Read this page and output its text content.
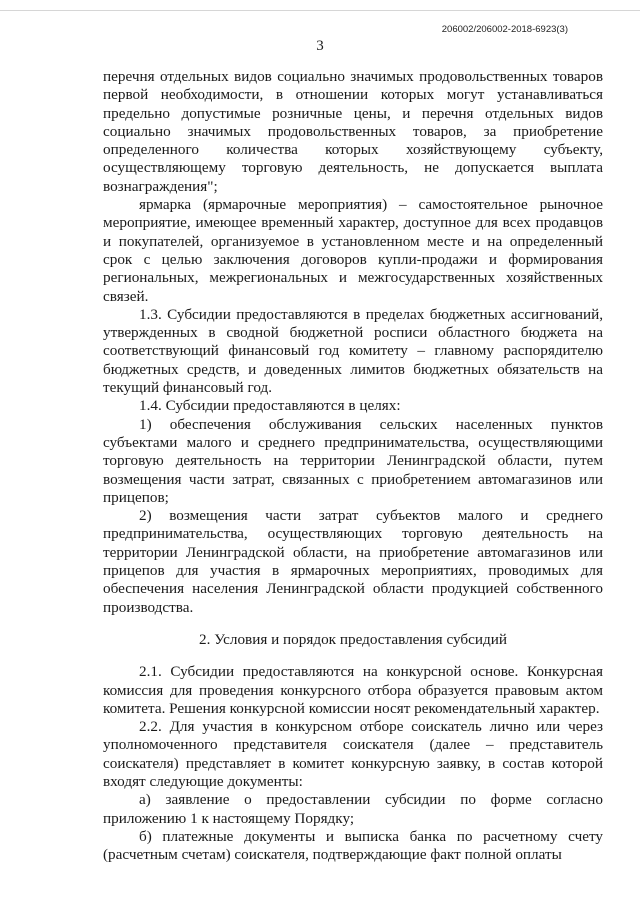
206002/206002-2018-6923(3)
3

перечня отдельных видов социально значимых продовольственных товаров первой необходимости, в отношении которых могут устанавливаться предельно допустимые розничные цены, и перечня отдельных видов социально значимых продовольственных товаров, за приобретение определенного количества которых хозяйствующему субъекту, осуществляющему торговую деятельность, не допускается выплата вознаграждения";

ярмарка (ярмарочные мероприятия) – самостоятельное рыночное мероприятие, имеющее временный характер, доступное для всех продавцов и покупателей, организуемое в установленном месте и на определенный срок с целью заключения договоров купли-продажи и формирования региональных, межрегиональных и межгосударственных хозяйственных связей.

1.3. Субсидии предоставляются в пределах бюджетных ассигнований, утвержденных в сводной бюджетной росписи областного бюджета на соответствующий финансовый год комитету – главному распорядителю бюджетных средств, и доведенных лимитов бюджетных обязательств на текущий финансовый год.

1.4. Субсидии предоставляются в целях:

1) обеспечения обслуживания сельских населенных пунктов субъектами малого и среднего предпринимательства, осуществляющими торговую деятельность на территории Ленинградской области, путем возмещения части затрат, связанных с приобретением автомагазинов или прицепов;

2) возмещения части затрат субъектов малого и среднего предпринимательства, осуществляющих торговую деятельность на территории Ленинградской области, на приобретение автомагазинов или прицепов для участия в ярмарочных мероприятиях, проводимых для обеспечения населения Ленинградской области продукцией собственного производства.

2. Условия и порядок предоставления субсидий

2.1. Субсидии предоставляются на конкурсной основе. Конкурсная комиссия для проведения конкурсного отбора образуется правовым актом комитета. Решения конкурсной комиссии носят рекомендательный характер.

2.2. Для участия в конкурсном отборе соискатель лично или через уполномоченного представителя соискателя (далее – представитель соискателя) представляет в комитет конкурсную заявку, в состав которой входят следующие документы:

а) заявление о предоставлении субсидии по форме согласно приложению 1 к настоящему Порядку;

б) платежные документы и выписка банка по расчетному счету (расчетным счетам) соискателя, подтверждающие факт полной оплаты
